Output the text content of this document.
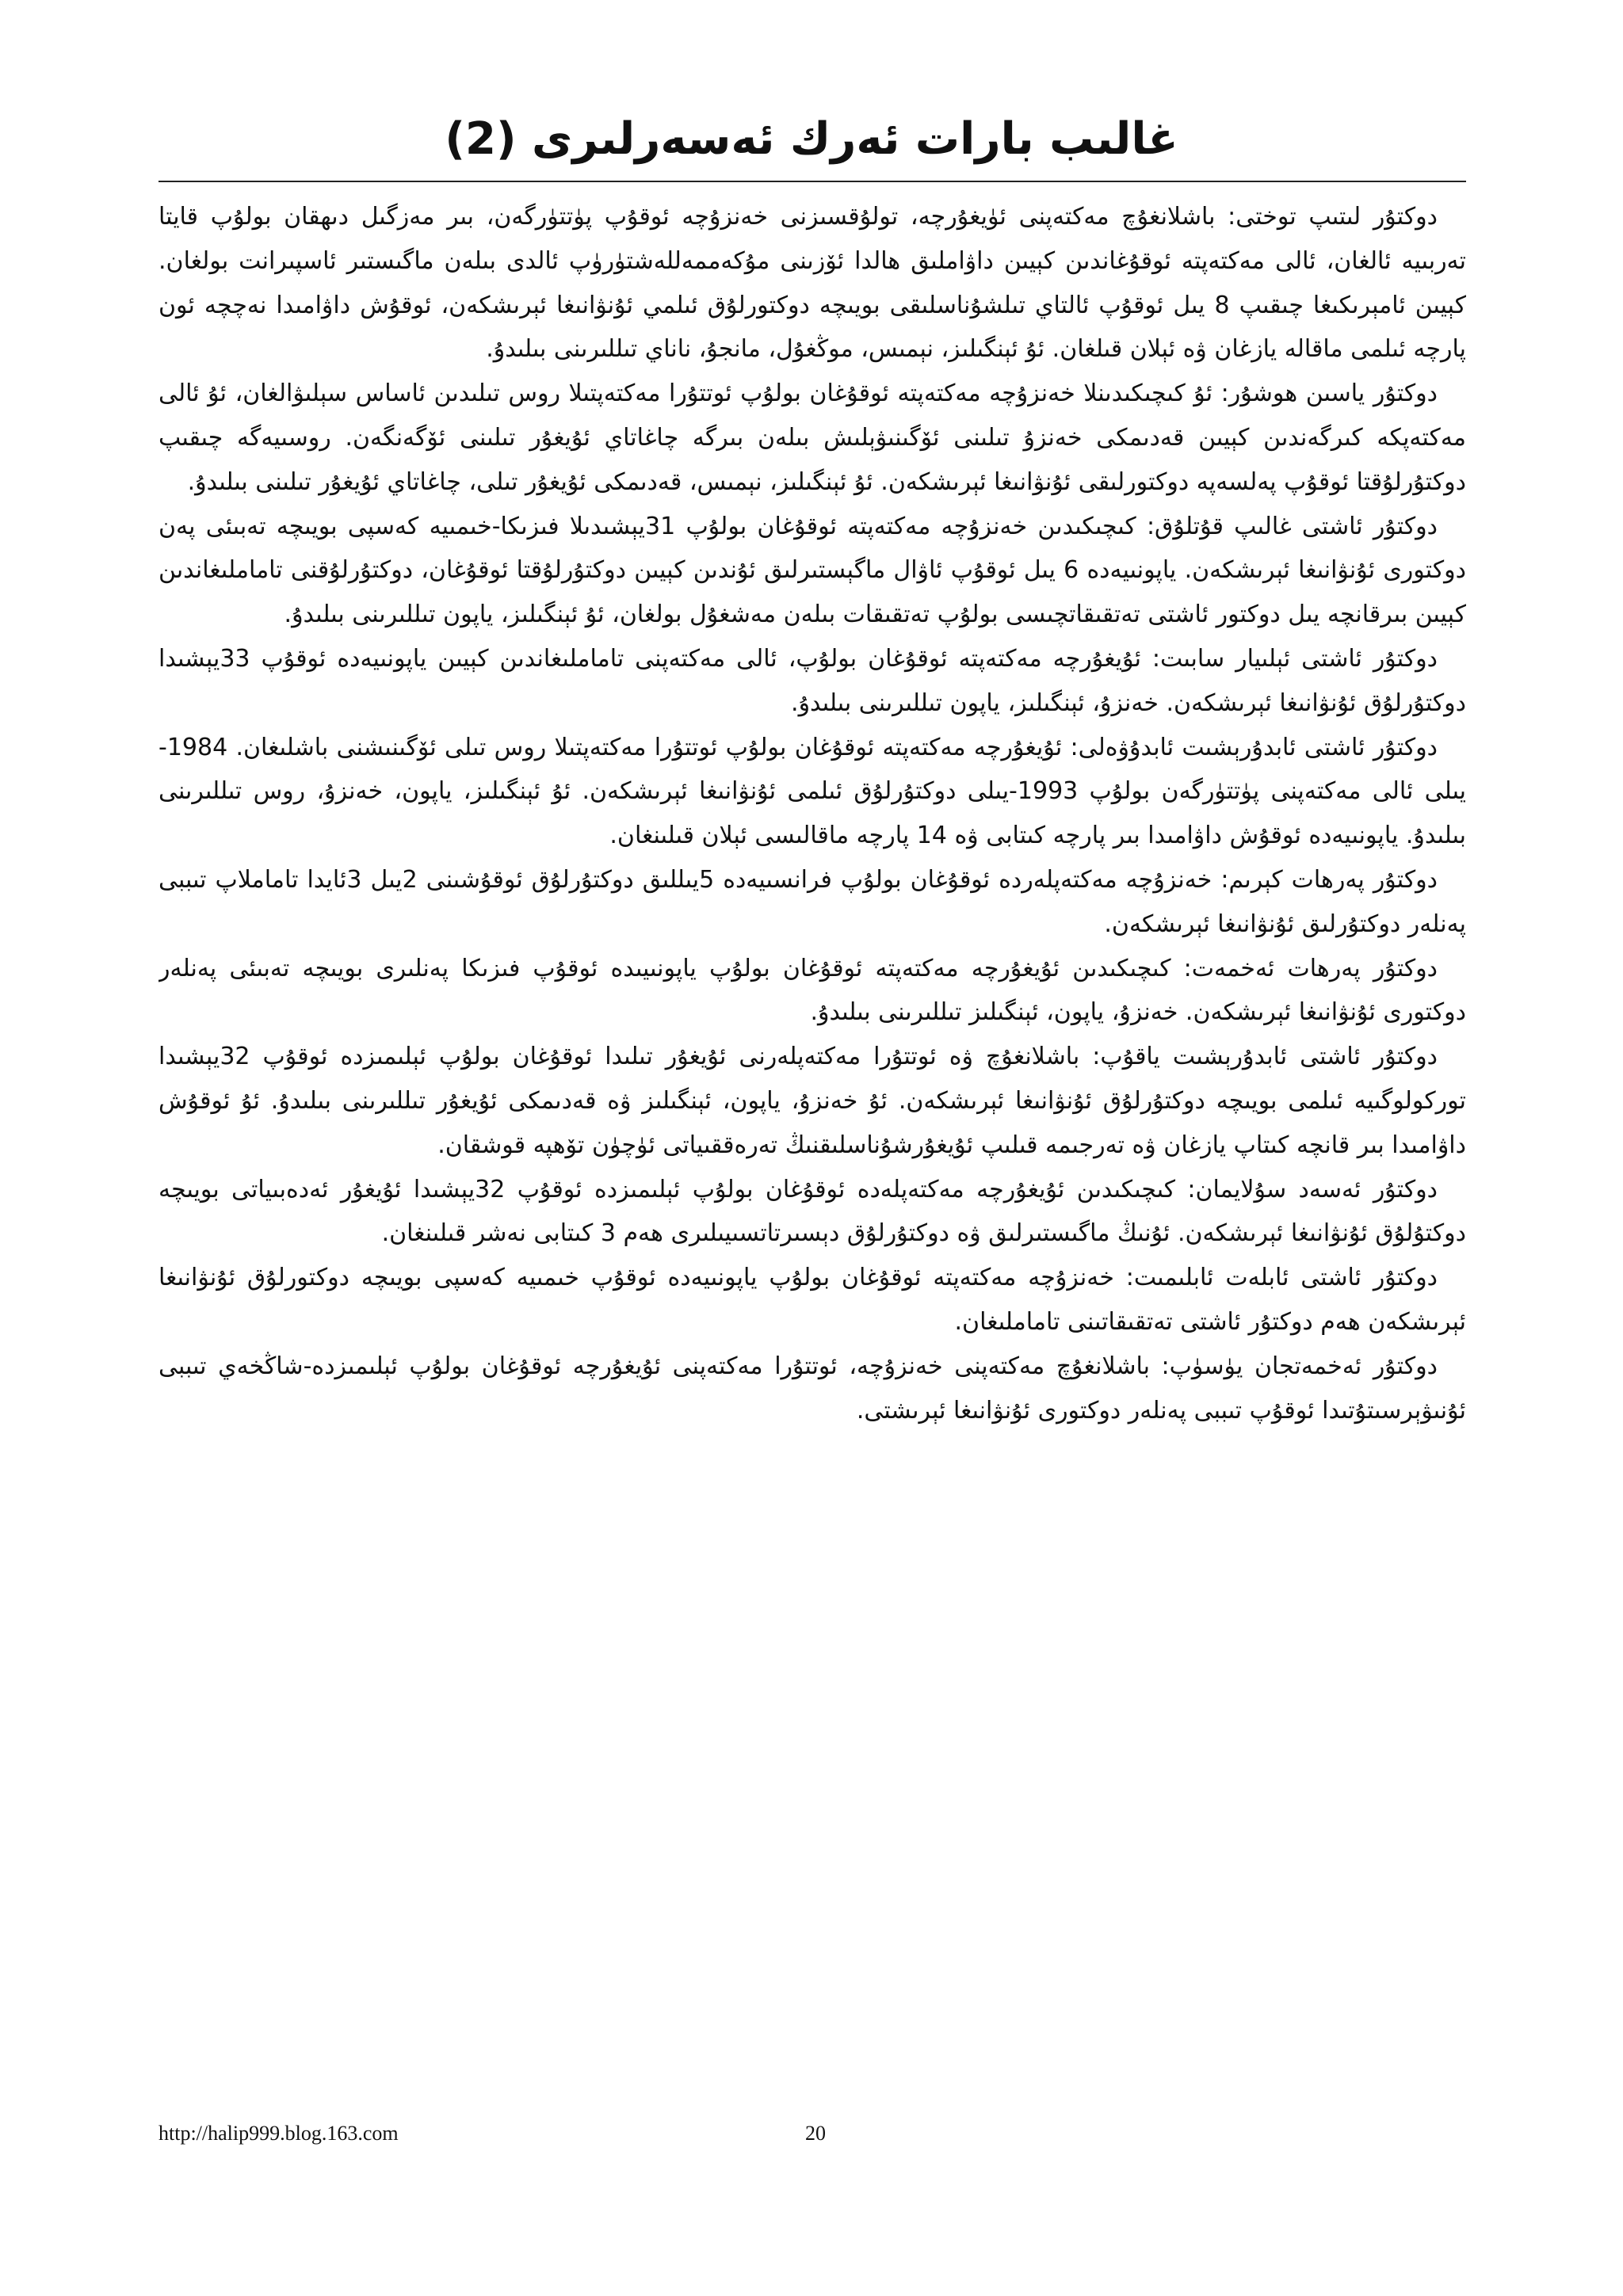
غالىب بارات ئەرك ئەسەرلىرى (2)

دوكتۇر لىتىپ توختى: باشلانغۇچ مەكتەپنى ئۈيغۇرچە، تولۇقسىزنى خەنزۇچە ئوقۇپ پۈتتۈرگەن، بىر مەزگىل دىھقان بولۇپ قايتا تەربىيە ئالغان، ئالى مەكتەپتە ئوقۇغاندىن كېيىن داۋاملىق ھالدا ئۆزىنى مۇكەممەللەشتۈرۈپ ئالدى بىلەن ماگىستىر ئاسپىرانت بولغان. كېيىن ئامېرىكىغا چىقىپ 8 يىل ئوقۇپ ئالتاي تىلشۇناسلىقى بويىچە دوكتورلۇق ئىلمي ئۇنۋانىغا ئېرىشكەن، ئوقۇش داۋامىدا نەچچە ئون پارچە ئىلمى ماقالە يازغان ۋە ئېلان قىلغان. ئۇ ئېنگىلىز، نېمىس، موڭغۇل، مانجۇ، ناناي تىللىرىنى بىلىدۇ.

دوكتۇر ياسىن ھوشۇر: ئۇ كىچىكىدىنلا خەنزۇچە مەكتەپتە ئوقۇغان بولۇپ ئوتتۇرا مەكتەپتىلا روس تىلىدىن ئاساس سېلىۋالغان، ئۇ ئالى مەكتەپكە كىرگەندىن كېيىن قەدىمكى خەنزۇ تىلىنى ئۆگىنىۋېلىش بىلەن بىرگە چاغاتاي ئۇيغۇر تىلىنى ئۆگەنگەن. روسىيەگە چىقىپ دوكتۇرلۇقتا ئوقۇپ پەلسەپە دوكتورلىقى ئۇنۋانىغا ئېرىشكەن. ئۇ ئېنگىلىز، نېمىس، قەدىمكى ئۇيغۇر تىلى، چاغاتاي ئۇيغۇر تىلىنى بىلىدۇ.

دوكتۇر ئاشتى غالىپ قۇتلۇق: كىچىكىدىن خەنزۇچە مەكتەپتە ئوقۇغان بولۇپ 31يېشىدىلا فىزىكا-خىمىيە كەسپى بويىچە تەبىئى پەن دوكتورى ئۇنۋانىغا ئېرىشكەن. ياپونىيەدە 6 يىل ئوقۇپ ئاۋال ماگېستىرلىق ئۇندىن كېيىن دوكتۇرلۇقتا ئوقۇغان، دوكتۇرلۇقنى تاماملىغاندىن كېيىن بىرقانچە يىل دوكتور ئاشتى تەتقىقاتچىسى بولۇپ تەتقىقات بىلەن مەشغۇل بولغان، ئۇ ئېنگىلىز، ياپون تىللىرىنى بىلىدۇ.

دوكتۇر ئاشتى ئېلىيار سابىت: ئۇيغۇرچە مەكتەپتە ئوقۇغان بولۇپ، ئالى مەكتەپنى تاماملىغاندىن كېيىن ياپونىيەدە ئوقۇپ 33يېشىدا دوكتۇرلۇق ئۇنۋانىغا ئېرىشكەن. خەنزۇ، ئېنگىلىز، ياپون تىللىرىنى بىلىدۇ.

دوكتۇر ئاشتى ئابدۇرېشىت ئابدۇۋەلى: ئۇيغۇرچە مەكتەپتە ئوقۇغان بولۇپ ئوتتۇرا مەكتەپتىلا روس تىلى ئۆگىنىشنى باشلىغان. 1984-يىلى ئالى مەكتەپنى پۈتتۈرگەن بولۇپ 1993-يىلى دوكتۇرلۇق ئىلمى ئۇنۋانىغا ئېرىشكەن. ئۇ ئېنگىلىز، ياپون، خەنزۇ، روس تىللىرىنى بىلىدۇ. ياپونىيەدە ئوقۇش داۋامىدا بىر پارچە كىتابى ۋە 14 پارچە ماقالىسى ئېلان قىلىنغان.

دوكتۇر پەرھات كېرىم: خەنزۇچە مەكتەپلەردە ئوقۇغان بولۇپ فرانسىيەدە 5يىللىق دوكتۇرلۇق ئوقۇشىنى 2يىل 3ئايدا تاماملاپ تىببى پەنلەر دوكتۇرلىق ئۇنۋانىغا ئېرىشكەن.

دوكتۇر پەرھات ئەخمەت: كىچىكىدىن ئۇيغۇرچە مەكتەپتە ئوقۇغان بولۇپ ياپونىيىدە ئوقۇپ فىزىكا پەنلىرى بويىچە تەبىئى پەنلەر دوكتورى ئۇنۋانىغا ئېرىشكەن. خەنزۇ، ياپون، ئېنگىلىز تىللىرىنى بىلىدۇ.

دوكتۇر ئاشتى ئابدۇرېشىت ياقۇپ: باشلانغۇچ ۋە ئوتتۇرا مەكتەپلەرنى ئۇيغۇر تىلىدا ئوقۇغان بولۇپ ئېلىمىزدە ئوقۇپ 32يېشىدا توركولوگىيە ئىلمى بويىچە دوكتۇرلۇق ئۇنۋانىغا ئېرىشكەن. ئۇ خەنزۇ، ياپون، ئېنگىلىز ۋە قەدىمكى ئۇيغۇر تىللىرىنى بىلىدۇ. ئۇ ئوقۇش داۋامىدا بىر قانچە كىتاپ يازغان ۋە تەرجىمە قىلىپ ئۇيغۇرشۇناسلىقنىڭ تەرەققىياتى ئۈچۈن تۆھپە قوشقان.

دوكتۇر ئەسەد سۇلايمان: كىچىكىدىن ئۇيغۇرچە مەكتەپلەدە ئوقۇغان بولۇپ ئېلىمىزدە ئوقۇپ 32يېشىدا ئۇيغۇر ئەدەبىياتى بويىچە دوكتۇلۇق ئۇنۋانىغا ئېرىشكەن. ئۇنىڭ ماگىستىرلىق ۋە دوكتۇرلۇق دېسىرتاتسىيىلىرى ھەم 3 كىتابى نەشر قىلىنغان.

دوكتۇر ئاشتى ئابلەت ئابلىمىت: خەنزۇچە مەكتەپتە ئوقۇغان بولۇپ ياپونىيەدە ئوقۇپ خىمىيە كەسپى بويىچە دوكتورلۇق ئۇنۋانىغا ئېرىشكەن ھەم دوكتۇر ئاشتى تەتقىقاتىنى تاماملىغان.

دوكتۇر ئەخمەتجان يۈسۈپ: باشلانغۇچ مەكتەپنى خەنزۇچە، ئوتتۇرا مەكتەپنى ئۇيغۇرچە ئوقۇغان بولۇپ ئېلىمىزدە-شاڭخەي تىببى ئۇنىۋېرسىتۇتىدا ئوقۇپ تىببى پەنلەر دوكتورى ئۇنۋانىغا ئېرىشتى.

http://halip999.blog.163.com	20
